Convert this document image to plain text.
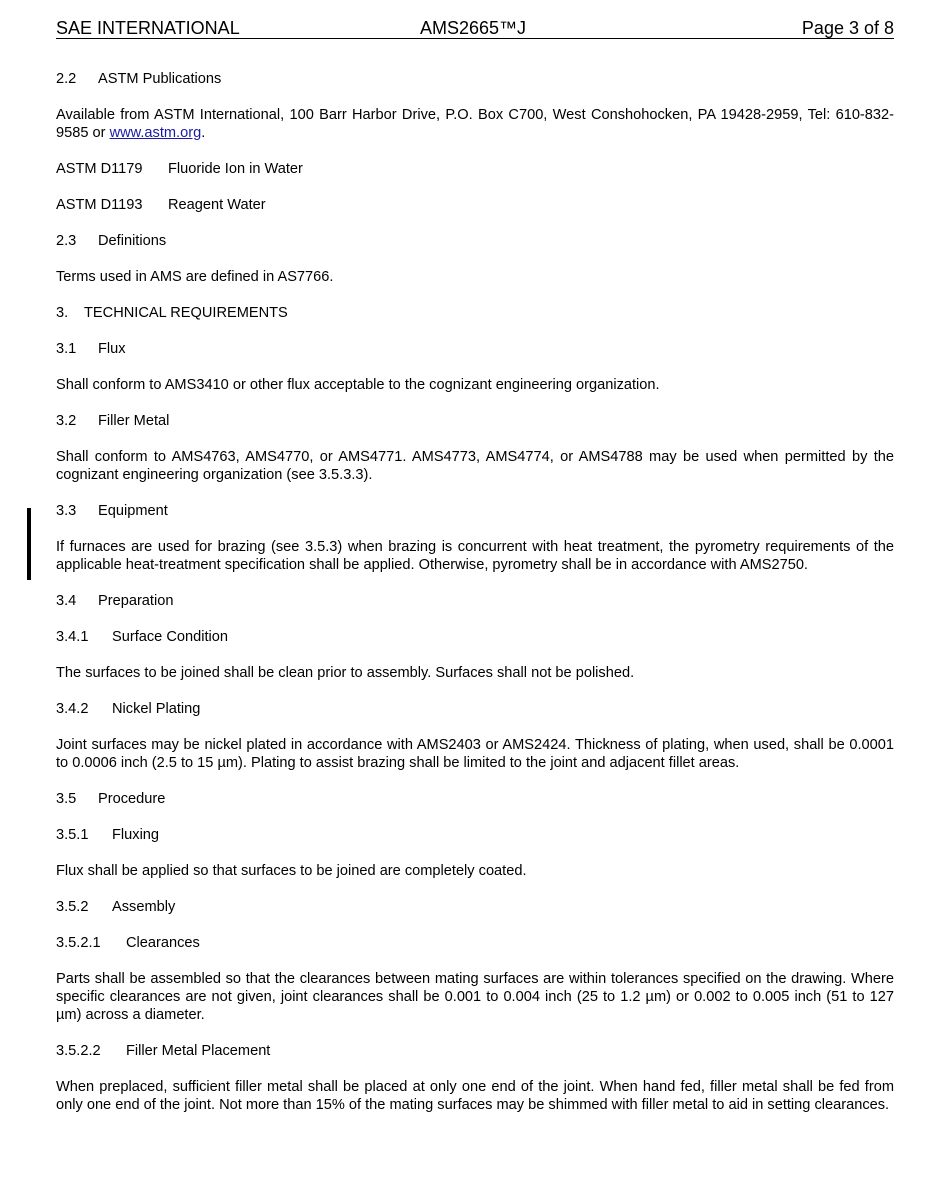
SAE INTERNATIONAL	AMS2665™J	Page 3 of 8

2.2 ASTM Publications

Available from ASTM International, 100 Barr Harbor Drive, P.O. Box C700, West Conshohocken, PA 19428-2959, Tel: 610-832-9585 or www.astm.org.

ASTM D1179 Fluoride Ion in Water

ASTM D1193 Reagent Water

2.3 Definitions

Terms used in AMS are defined in AS7766.

3. TECHNICAL REQUIREMENTS

3.1 Flux

Shall conform to AMS3410 or other flux acceptable to the cognizant engineering organization.

3.2 Filler Metal

Shall conform to AMS4763, AMS4770, or AMS4771. AMS4773, AMS4774, or AMS4788 may be used when permitted by the cognizant engineering organization (see 3.5.3.3).

3.3 Equipment

If furnaces are used for brazing (see 3.5.3) when brazing is concurrent with heat treatment, the pyrometry requirements of the applicable heat-treatment specification shall be applied. Otherwise, pyrometry shall be in accordance with AMS2750.

3.4 Preparation

3.4.1 Surface Condition

The surfaces to be joined shall be clean prior to assembly. Surfaces shall not be polished.

3.4.2 Nickel Plating

Joint surfaces may be nickel plated in accordance with AMS2403 or AMS2424. Thickness of plating, when used, shall be 0.0001 to 0.0006 inch (2.5 to 15 µm). Plating to assist brazing shall be limited to the joint and adjacent fillet areas.

3.5 Procedure

3.5.1 Fluxing

Flux shall be applied so that surfaces to be joined are completely coated.

3.5.2 Assembly

3.5.2.1 Clearances

Parts shall be assembled so that the clearances between mating surfaces are within tolerances specified on the drawing. Where specific clearances are not given, joint clearances shall be 0.001 to 0.004 inch (25 to 1.2 µm) or 0.002 to 0.005 inch (51 to 127 µm) across a diameter.

3.5.2.2 Filler Metal Placement

When preplaced, sufficient filler metal shall be placed at only one end of the joint. When hand fed, filler metal shall be fed from only one end of the joint. Not more than 15% of the mating surfaces may be shimmed with filler metal to aid in setting clearances.
